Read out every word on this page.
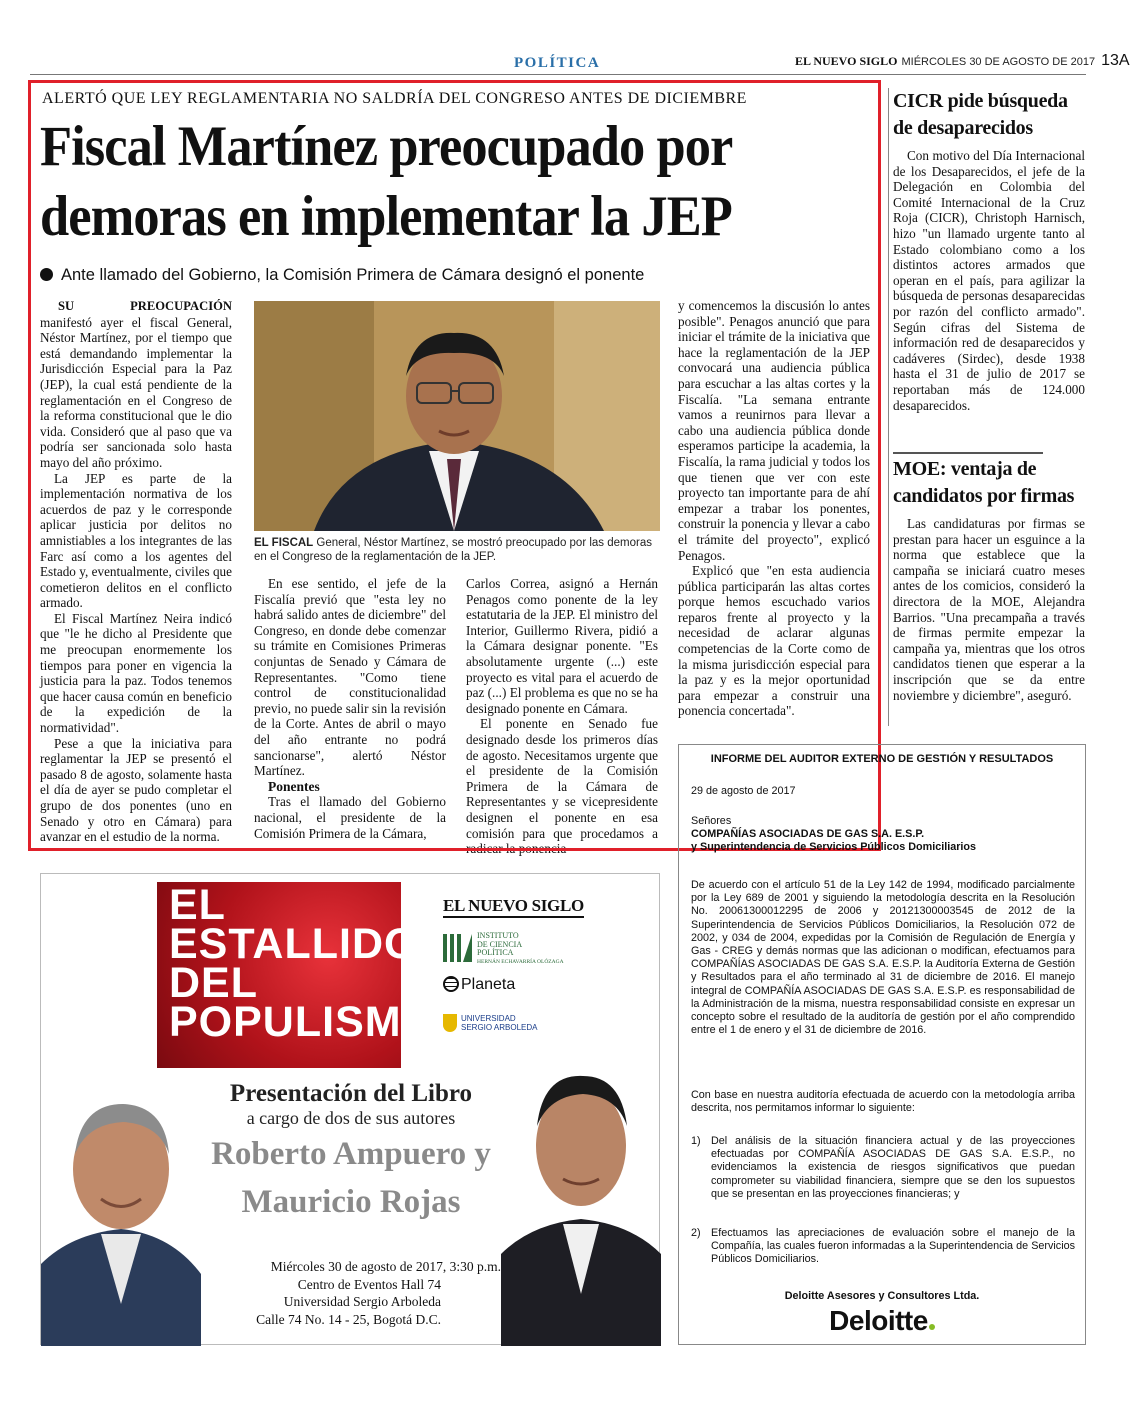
POLÍTICA	EL NUEVO SIGLO MIÉRCOLES 30 DE AGOSTO DE 2017 13A
ALERTÓ QUE LEY REGLAMENTARIA NO SALDRÍA DEL CONGRESO ANTES DE DICIEMBRE
Fiscal Martínez preocupado por
demoras en implementar la JEP
Ante llamado del Gobierno, la Comisión Primera de Cámara designó el ponente

SU PREOCUPACIÓN manifestó ayer el fiscal General, Néstor Martínez, por el tiempo que está demandando implementar la Jurisdicción Especial para la Paz (JEP), la cual está pendiente de la reglamentación en el Congreso de la reforma constitucional que le dio vida. Consideró que al paso que va podría ser sancionada solo hasta mayo del año próximo.

La JEP es parte de la implementación normativa de los acuerdos de paz y le corresponde aplicar justicia por delitos no amnistiables a los integrantes de las Farc así como a los agentes del Estado y, eventualmente, civiles que cometieron delitos en el conflicto armado.

El Fiscal Martínez Neira indicó que "le he dicho al Presidente que me preocupan enormemente los tiempos para poner en vigencia la justicia para la paz. Todos tenemos que hacer causa común en beneficio de la expedición de la normatividad".

Pese a que la iniciativa para reglamentar la JEP se presentó el pasado 8 de agosto, solamente hasta el día de ayer se pudo completar el grupo de dos ponentes (uno en Senado y otro en Cámara) para avanzar en el estudio de la norma.

EL FISCAL General, Néstor Martínez, se mostró preocupado por las demoras en el Congreso de la reglamentación de la JEP.

En ese sentido, el jefe de la Fiscalía previó que "esta ley no habrá salido antes de diciembre" del Congreso, en donde debe comenzar su trámite en Comisiones Primeras conjuntas de Senado y Cámara de Representantes. "Como tiene control de constitucionalidad previo, no puede salir sin la revisión de la Corte. Antes de abril o mayo del año entrante no podrá sancionarse", alertó Néstor Martínez.

Ponentes

Tras el llamado del Gobierno nacional, el presidente de la Comisión Primera de la Cámara,

Carlos Correa, asignó a Hernán Penagos como ponente de la ley estatutaria de la JEP. El ministro del Interior, Guillermo Rivera, pidió a la Cámara designar ponente. "Es absolutamente urgente (...) este proyecto es vital para el acuerdo de paz (...) El problema es que no se ha designado ponente en Cámara.

El ponente en Senado fue designado desde los primeros días de agosto. Necesitamos urgente que el presidente de la Comisión Primera de la Cámara de Representantes y se vicepresidente designen el ponente en esa comisión para que procedamos a radicar la ponencia

y comencemos la discusión lo antes posible". Penagos anunció que para iniciar el trámite de la iniciativa que hace la reglamentación de la JEP convocará una audiencia pública para escuchar a las altas cortes y la Fiscalía. "La semana entrante vamos a reunirnos para llevar a cabo una audiencia pública donde esperamos participe la academia, la Fiscalía, la rama judicial y todos los que tienen que ver con este proyecto tan importante para de ahí empezar a trabar los ponentes, construir la ponencia y llevar a cabo el trámite del proyecto", explicó Penagos.

Explicó que "en esta audiencia pública participarán las altas cortes porque hemos escuchado varios reparos frente al proyecto y la necesidad de aclarar algunas competencias de la Corte como de la misma jurisdicción especial para la paz y es la mejor oportunidad para empezar a construir una ponencia concertada".

CICR pide búsqueda
de desaparecidos

Con motivo del Día Internacional de los Desaparecidos, el jefe de la Delegación en Colombia del Comité Internacional de la Cruz Roja (CICR), Christoph Harnisch, hizo "un llamado urgente tanto al Estado colombiano como a los distintos actores armados que operan en el país, para agilizar la búsqueda de personas desaparecidas por razón del conflicto armado". Según cifras del Sistema de información red de desaparecidos y cadáveres (Sirdec), desde 1938 hasta el 31 de julio de 2017 se reportaban más de 124.000 desaparecidos.

MOE: ventaja de
candidatos por firmas

Las candidaturas por firmas se prestan para hacer un esguince a la norma que establece que la campaña se iniciará cuatro meses antes de los comicios, consideró la directora de la MOE, Alejandra Barrios. "Una precampaña a través de firmas permite empezar la campaña ya, mientras que los otros candidatos tienen que esperar a la inscripción que se da entre noviembre y diciembre", aseguró.

EL
ESTALLIDO
DEL
POPULISMO
EL NUEVO SIGLO
INSTITUTO
DE CIENCIA
POLÍTICA
HERNÁN ECHAVARRÍA OLÓZAGA
Planeta
UNIVERSIDAD
SERGIO ARBOLEDA
Presentación del Libro
a cargo de dos de sus autores
Roberto Ampuero y
Mauricio Rojas
Miércoles 30 de agosto de 2017, 3:30 p.m.
Centro de Eventos Hall 74
Universidad Sergio Arboleda
Calle 74 No. 14 - 25, Bogotá D.C.
INFORME DEL AUDITOR EXTERNO DE GESTIÓN Y RESULTADOS
29 de agosto de 2017
Señores
COMPAÑÍAS ASOCIADAS DE GAS S.A. E.S.P.
y Superintendencia de Servicios Públicos Domiciliarios
De acuerdo con el artículo 51 de la Ley 142 de 1994, modificado parcialmente por la Ley 689 de 2001 y siguiendo la metodología descrita en la Resolución No. 20061300012295 de 2006 y 20121300003545 de 2012 de la Superintendencia de Servicios Públicos Domiciliarios, la Resolución 072 de 2002, y 034 de 2004, expedidas por la Comisión de Regulación de Energía y Gas - CREG y demás normas que las adicionan o modifican, efectuamos para COMPAÑÍAS ASOCIADAS DE GAS S.A. E.S.P. la Auditoría Externa de Gestión y Resultados para el año terminado al 31 de diciembre de 2016. El manejo integral de COMPAÑÍA ASOCIADAS DE GAS S.A. E.S.P. es responsabilidad de la Administración de la misma, nuestra responsabilidad consiste en expresar un concepto sobre el resultado de la auditoría de gestión por el año comprendido entre el 1 de enero y el 31 de diciembre de 2016.
Con base en nuestra auditoría efectuada de acuerdo con la metodología arriba descrita, nos permitamos informar lo siguiente:
1) Del análisis de la situación financiera actual y de las proyecciones efectuadas por COMPAÑÍA ASOCIADAS DE GAS S.A. E.S.P., no evidenciamos la existencia de riesgos significativos que puedan comprometer su viabilidad financiera, siempre que se den los supuestos que se presentan en las proyecciones financieras; y
2) Efectuamos las apreciaciones de evaluación sobre el manejo de la Compañía, las cuales fueron informadas a la Superintendencia de Servicios Públicos Domiciliarios.
Deloitte Asesores y Consultores Ltda.
Deloitte
